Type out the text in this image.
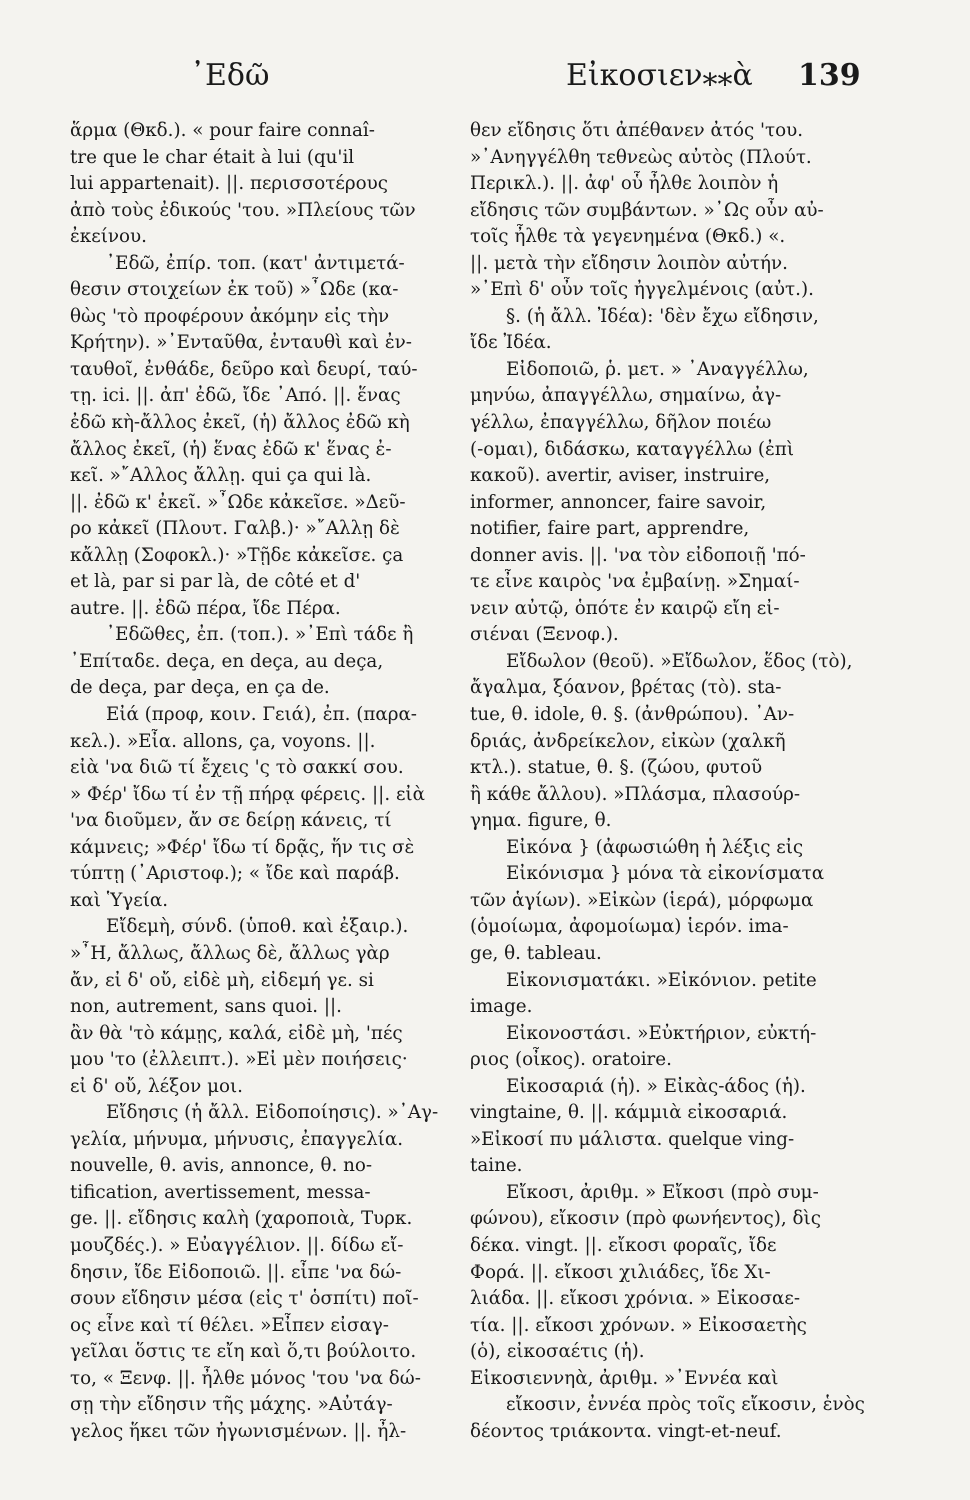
᾿Εδῶ	Εἰκοσιεν⁎⁎ὰ 139
ἅρμα (Θκδ.). « pour faire connaî-
tre que le char était à lui (qu'il
lui appartenait). ||. περισσοτέρους
ἀπὸ τοὺς ἐδικούς 'του. »Πλείους τῶν
ἐκείνου.
᾿Εδῶ, ἐπίρ. τοπ. (κατ' ἀντιμετά-
θεσιν στοιχείων ἐκ τοῦ) »῏Ωδε (κα-
θὼς 'τὸ προφέρουν ἀκόμην εἰς τὴν
Κρήτην). »᾿Ενταῦθα, ἐνταυθὶ καὶ ἐν-
ταυθοῖ, ἐνθάδε, δεῦρο καὶ δευρί, ταύ-
τῃ. ici. ||. ἀπ' ἐδῶ, ἴδε ᾿Από. ||. ἕνας
ἐδῶ κὴ-ἄλλος ἐκεῖ, (ἡ) ἄλλος ἐδῶ κὴ
ἄλλος ἐκεῖ, (ἡ) ἕνας ἐδῶ κ' ἕνας ἐ-
κεῖ. »῎Αλλος ἄλλῃ. qui ça qui là.
||. ἐδῶ κ' ἐκεῖ. »῏Ωδε κἀκεῖσε. »Δεῦ-
ρο κἀκεῖ (Πλουτ. Γαλβ.)· »῎Αλλῃ δὲ
κἄλλῃ (Σοφοκλ.)· »Τῇδε κἀκεῖσε. ça
et là, par si par là, de côté et d'
autre. ||. ἐδῶ πέρα, ἴδε Πέρα.
᾿Εδῶθες, ἐπ. (τοπ.). »᾿Επὶ τάδε ἢ
᾿Επίταδε. deça, en deça, au deça,
de deça, par deça, en ça de.
Εἰά (προφ, κοιν. Γειά), ἐπ. (παρα-
κελ.). »Εἶα. allons, ça, voyons. ||.
εἰὰ 'να διῶ τί ἔχεις 'ς τὸ σακκί σου.
» Φέρ' ἴδω τί ἐν τῇ πήρᾳ φέρεις. ||. εἰὰ
'να διοῦμεν, ἄν σε δείρῃ κάνεις, τί
κάμνεις; »Φέρ' ἴδω τί δρᾷς, ἥν τις σὲ
τύπτῃ (᾿Αριστοφ.); « ἴδε καὶ παράβ.
καὶ Ὑγεία.
Εἴδεμὴ, σύνδ. (ὑποθ. καὶ ἐξαιρ.).
»῏Η, ἄλλως, ἄλλως δὲ, ἄλλως γὰρ
ἄν, εἰ δ' οὔ, εἰδὲ μὴ, εἰδεμή γε. si
non, autrement, sans quoi. ||.
ἂν θὰ 'τὸ κάμῃς, καλά, εἰδὲ μὴ, 'πές
μου 'το (ἐλλειπτ.). »Εἰ μὲν ποιήσεις·
εἰ δ' οὔ, λέξον μοι.
Εἴδησις (ἡ ἄλλ. Εἰδοποίησις). »᾿Αγ-
γελία, μήνυμα, μήνυσις, ἐπαγγελία.
nouvelle, θ. avis, annonce, θ. no-
tification, avertissement, messa-
ge. ||. εἴδησις καλὴ (χαροποιὰ, Τυρκ.
μουζδές.). » Εὐαγγέλιον. ||. δίδω εἴ-
δησιν, ἴδε Εἰδοποιῶ. ||. εἶπε 'να δώ-
σουν εἴδησιν μέσα (εἰς τ' ὁσπίτι) ποῖ-
ος εἶνε καὶ τί θέλει. »Εἶπεν εἰσαγ-
γεῖλαι ὅστις τε εἴη καὶ ὅ,τι βούλοιτο.
τo, « Ξενφ. ||. ἦλθε μόνος 'του 'να δώ-
σῃ τὴν εἴδησιν τῆς μάχης. »Αὐτάγ-
γελος ἥκει τῶν ἠγωνισμένων. ||. ἦλ-
θεν εἴδησις ὅτι ἀπέθανεν ἀτός 'του.
»᾿Ανηγγέλθη τεθνεὼς αὐτὸς (Πλούτ.
Περικλ.). ||. ἀφ' οὗ ἦλθε λοιπὸν ἡ
εἴδησις τῶν συμβάντων. »᾿Ως οὖν αὐ-
τοῖς ἦλθε τὰ γεγενημένα (Θκδ.) «.
||. μετὰ τὴν εἴδησιν λοιπὸν αὐτήν.
»᾿Επὶ δ' οὖν τοῖς ἠγγελμένοις (αὐτ.).
§. (ἡ ἄλλ. Ἰδέα): 'δὲν ἔχω εἴδησιν,
ἴδε Ἰδέα.
Εἰδοποιῶ, ῥ. μετ. » ᾿Αναγγέλλω,
μηνύω, ἀπαγγέλλω, σημαίνω, ἀγ-
γέλλω, ἐπαγγέλλω, δῆλον ποιέω
(-ομαι), διδάσκω, καταγγέλλω (ἐπὶ
κακοῦ). avertir, aviser, instruire,
informer, annoncer, faire savoir,
notifier, faire part, apprendre,
donner avis. ||. 'να τὸν εἰδοποιῇ 'πό-
τε εἶνε καιρὸς 'να ἐμβαίνῃ. »Σημαί-
νειν αὐτῷ, ὁπότε ἐν καιρῷ εἴη εἰ-
σιέναι (Ξενοφ.).
Εἴδωλον (θεοῦ). »Εἴδωλον, ἕδος (τὸ),
ἄγαλμα, ξόανον, βρέτας (τὸ). sta-
tue, θ. idole, θ. §. (ἀνθρώπου). ᾿Αν-
δριάς, ἀνδρείκελον, εἰκὼν (χαλκῆ
κτλ.). statue, θ. §. (ζώου, φυτοῦ
ἢ κάθε ἄλλου). »Πλάσμα, πλασούρ-
γημα. figure, θ.
Εἰκόνα } (ἀφωσιώθη ἡ λέξις εἰς
Εἰκόνισμα } μόνα τὰ εἰκονίσματα
τῶν ἁγίων). »Εἰκὼν (ἱερά), μόρφωμα
(ὁμοίωμα, ἀφομοίωμα) ἱερόν. ima-
ge, θ. tableau.
Εἰκονισματάκι. »Εἰκόνιον. petite
image.
Εἰκονοστάσι. »Εὐκτήριον, εὐκτή-
ριος (οἶκος). oratoire.
Εἰκοσαριά (ἡ). » Εἰκὰς-άδος (ἡ).
vingtaine, θ. ||. κάμμιὰ εἰκοσαριά.
»Εἰκοσί πυ μάλιστα. quelque ving-
taine.
Εἴκοσι, ἀριθμ. » Εἴκοσι (πρὸ συμ-
φώνου), εἴκοσιν (πρὸ φωνήεντος), δὶς
δέκα. vingt. ||. εἴκοσι φοραῖς, ἴδε
Φορά. ||. εἴκοσι χιλιάδες, ἴδε Χι-
λιάδα. ||. εἴκοσι χρόνια. » Εἰκοσαε-
τία. ||. εἴκοσι χρόνων. » Εἰκοσαετὴς
(ὁ), εἰκοσαέτις (ἡ).
Εἰκοσιεννηὰ, ἀριθμ. »᾿Εννέα καὶ
εἴκοσιν, ἐννέα πρὸς τοῖς εἴκοσιν, ἑνὸς
δέοντος τριάκοντα. vingt-et-neuf.
